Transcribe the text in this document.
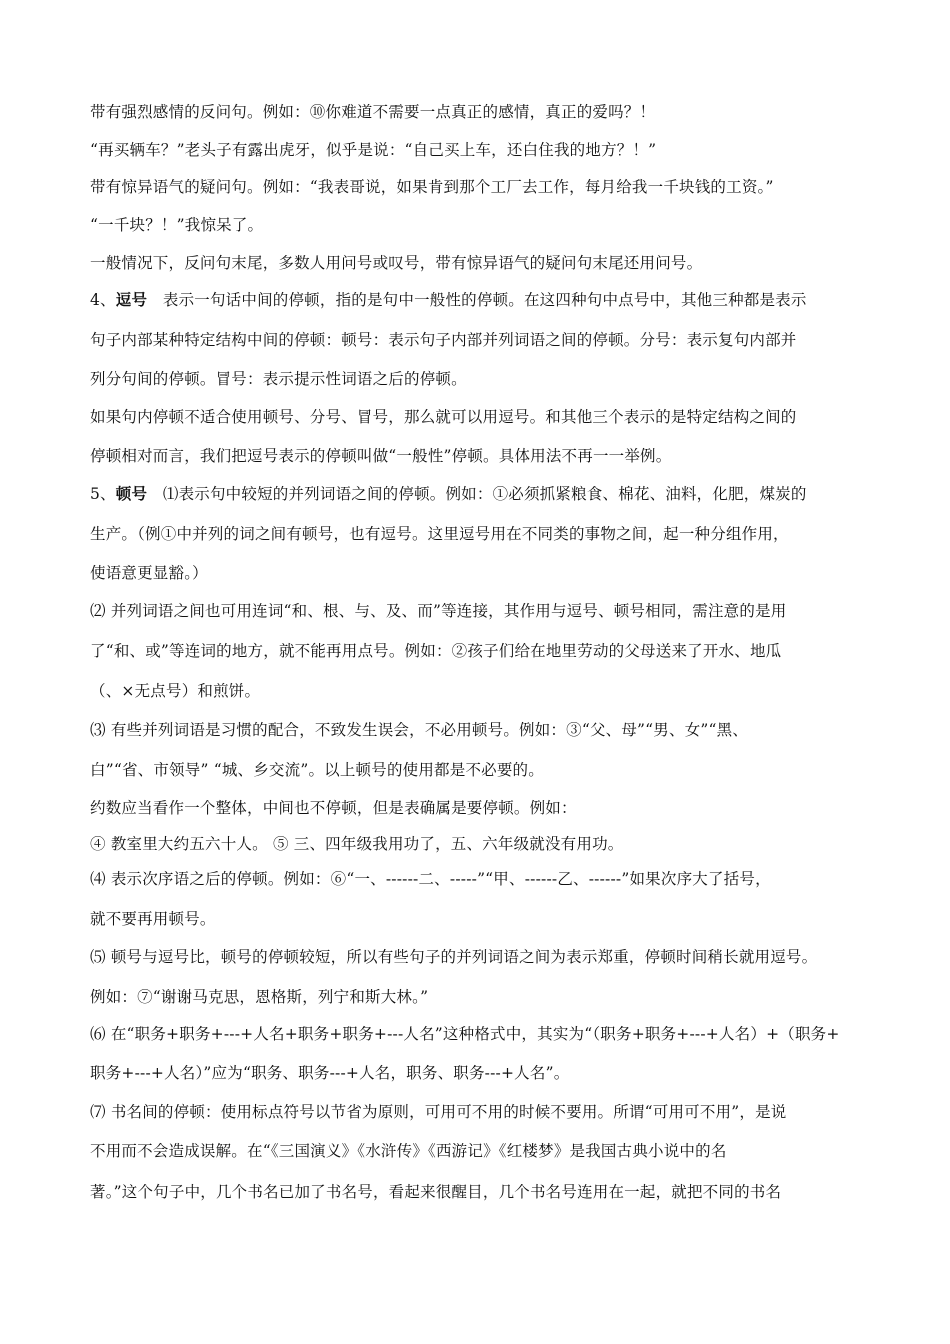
带有强烈感情的反问句。例如：⑩你难道不需要一点真正的感情，真正的爱吗？！
“再买辆车？”老头子有露出虎牙，似乎是说：“自己买上车，还白住我的地方？！”
带有惊异语气的疑问句。例如：“我表哥说，如果肯到那个工厂去工作，每月给我一千块钱的工资。”
“一千块？！”我惊呆了。
一般情况下，反问句末尾，多数人用问号或叹号，带有惊异语气的疑问句末尾还用问号。
4、逗号　表示一句话中间的停顿，指的是句中一般性的停顿。在这四种句中点号中，其他三种都是表示
句子内部某种特定结构中间的停顿：顿号：表示句子内部并列词语之间的停顿。分号：表示复句内部并
列分句间的停顿。冒号：表示提示性词语之后的停顿。
如果句内停顿不适合使用顿号、分号、冒号，那么就可以用逗号。和其他三个表示的是特定结构之间的
停顿相对而言，我们把逗号表示的停顿叫做“一般性”停顿。具体用法不再一一举例。
5、顿号　⑴表示句中较短的并列词语之间的停顿。例如：①必须抓紧粮食、棉花、油料，化肥，煤炭的
生产。（例①中并列的词之间有顿号，也有逗号。这里逗号用在不同类的事物之间，起一种分组作用，
使语意更显豁。）
⑵ 并列词语之间也可用连词“和、根、与、及、而”等连接，其作用与逗号、顿号相同，需注意的是用
了“和、或”等连词的地方，就不能再用点号。例如：②孩子们给在地里劳动的父母送来了开水、地瓜
（、×无点号）和煎饼。
⑶ 有些并列词语是习惯的配合，不致发生误会，不必用顿号。例如：③“父、母”“男、女”“黑、
白”“省、市领导” “城、乡交流”。以上顿号的使用都是不必要的。
约数应当看作一个整体，中间也不停顿，但是表确属是要停顿。例如：
④ 教室里大约五六十人。 ⑤ 三、四年级我用功了，五、六年级就没有用功。
⑷ 表示次序语之后的停顿。例如：⑥“一、------二、-----”“甲、------乙、------”如果次序大了括号，
就不要再用顿号。
⑸ 顿号与逗号比，顿号的停顿较短，所以有些句子的并列词语之间为表示郑重，停顿时间稍长就用逗号。
例如：⑦“谢谢马克思，恩格斯，列宁和斯大林。”
⑹ 在“职务+职务+---+人名+职务+职务+---人名”这种格式中，其实为“（职务+职务+---+人名）+（职务+
职务+---+人名）”应为“职务、职务---+人名，职务、职务---+人名”。
⑺ 书名间的停顿：使用标点符号以节省为原则，可用可不用的时候不要用。所谓“可用可不用”，是说
不用而不会造成误解。在“《三国演义》《水浒传》《西游记》《红楼梦》是我国古典小说中的名
著。”这个句子中，几个书名已加了书名号，看起来很醒目，几个书名号连用在一起，就把不同的书名
